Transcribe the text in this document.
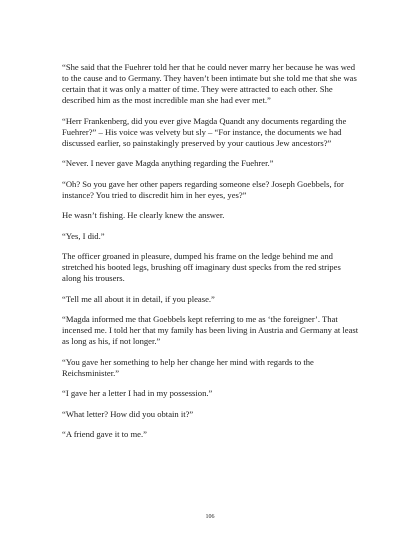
“She said that the Fuehrer told her that he could never marry her because he was wed to the cause and to Germany. They haven’t been intimate but she told me that she was certain that it was only a matter of time. They were attracted to each other. She described him as the most incredible man she had ever met.”

“Herr Frankenberg, did you ever give Magda Quandt any documents regarding the Fuehrer?” – His voice was velvety but sly – “For instance, the documents we had discussed earlier, so painstakingly preserved by your cautious Jew ancestors?”

“Never. I never gave Magda anything regarding the Fuehrer.”

“Oh? So you gave her other papers regarding someone else? Joseph Goebbels, for instance? You tried to discredit him in her eyes, yes?”

He wasn’t fishing. He clearly knew the answer.

“Yes, I did.”

The officer groaned in pleasure, dumped his frame on the ledge behind me and stretched his booted legs, brushing off imaginary dust specks from the red stripes along his trousers.

“Tell me all about it in detail, if you please.”

“Magda informed me that Goebbels kept referring to me as ‘the foreigner’. That incensed me. I told her that my family has been living in Austria and Germany at least as long as his, if not longer.”

“You gave her something to help her change her mind with regards to the Reichsminister.”

“I gave her a letter I had in my possession.”

“What letter? How did you obtain it?”

“A friend gave it to me.”

106
